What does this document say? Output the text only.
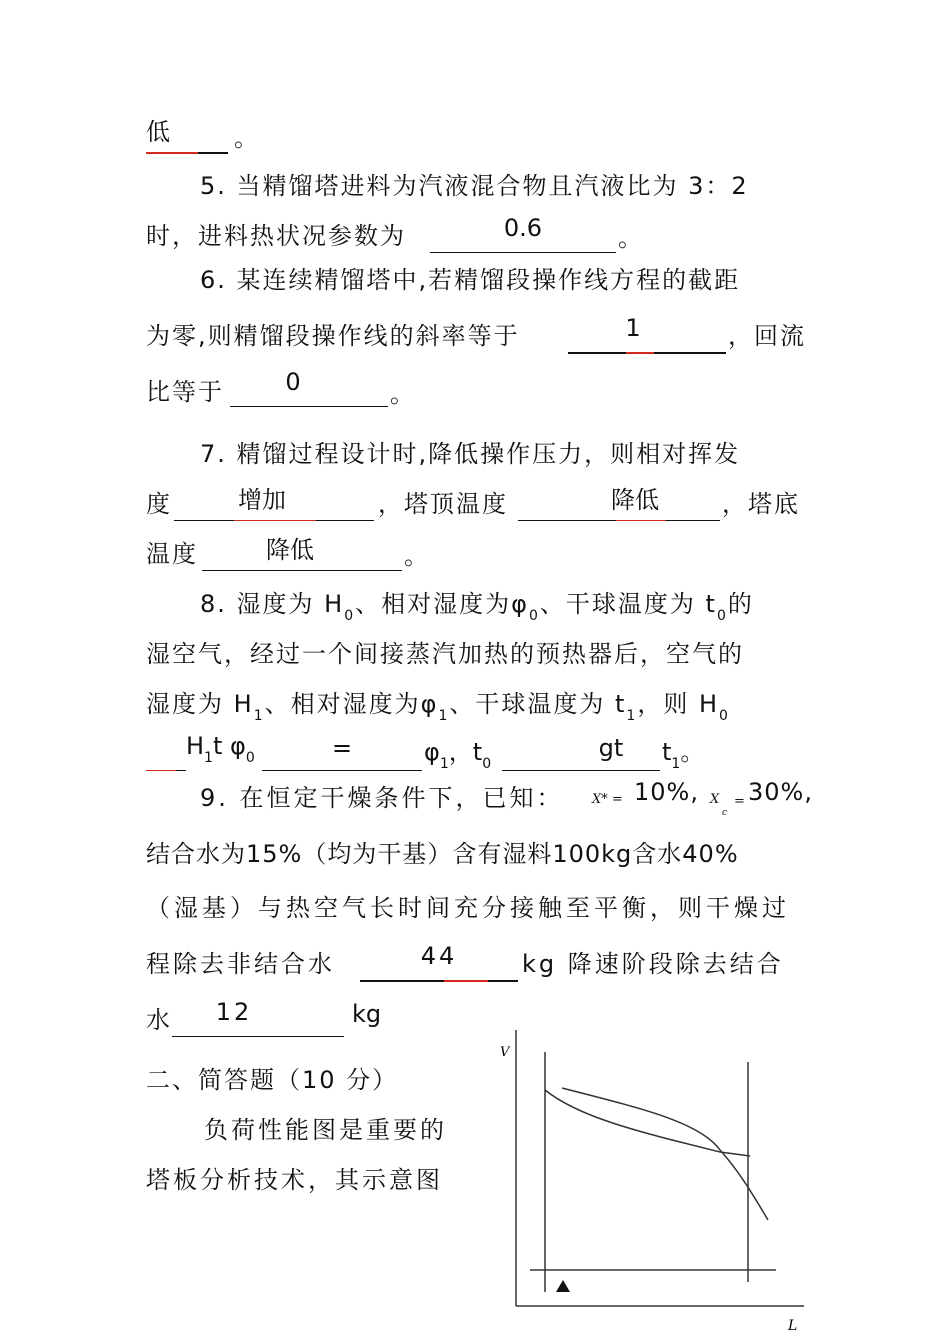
低	。
5. 当精馏塔进料为汽液混合物且汽液比为 3：2
时，进料热状况参数为	0.6	。
6. 某连续精馏塔中,若精馏段操作线方程的截距
为零,则精馏段操作线的斜率等于	1	，回流
比等于	0	。
7. 精馏过程设计时,降低操作压力，则相对挥发
度	增加	，塔顶温度	降低	，塔底
温度	降低	。
8. 湿度为 $H_0$、相对湿度为$\varphi_0$、干球温度为 $t_0$的
湿空气，经过一个间接蒸汽加热的预热器后，空气的
湿度为 $H_1$、相对湿度为$\varphi_1$、干球温度为 $t_1$，则 $H_0$
$H_1t$ $\varphi_0$	=	$\varphi_1$，$t_0$
gt	$t_1$。
9. 在恒定干燥条件下，已知： X* = 10%, X
c
= 30%,
结合水为15%（均为干基）含有湿料100kg含水40%
（湿基）与热空气长时间充分接触至平衡，则干燥过
程除去非结合水	44	kg 降速阶段除去结合
水	12	kg
二、简答题（10 分）
负荷性能图是重要的
塔板分析技术，其示意图
V
L
